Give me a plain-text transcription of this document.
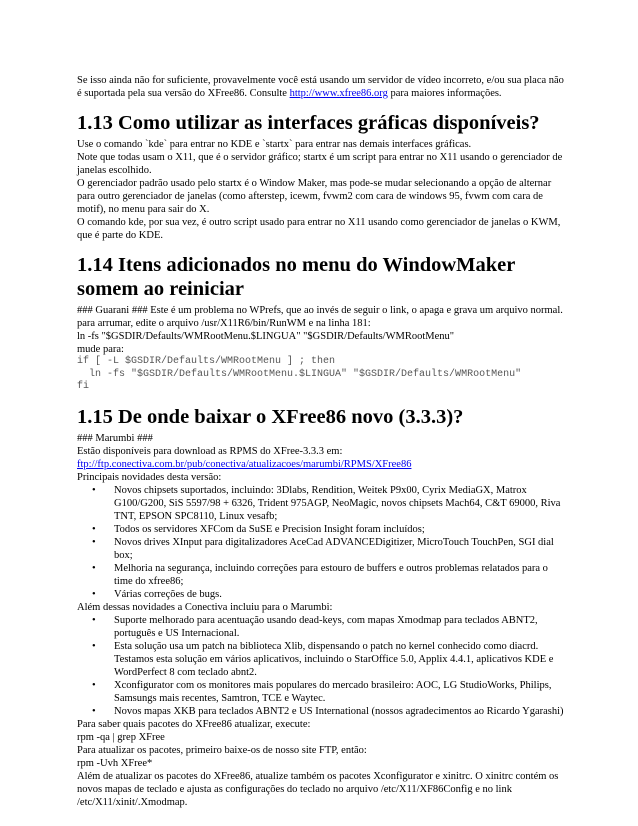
Se isso ainda não for suficiente, provavelmente você está usando um servidor de vídeo incorreto, e/ou sua placa não é suportada pela sua versão do XFree86. Consulte http://www.xfree86.org para maiores informações.

1.13 Como utilizar as interfaces gráficas disponíveis?

Use o comando `kde` para entrar no KDE e `startx` para entrar nas demais interfaces gráficas.

Note que todas usam o X11, que é o servidor gráfico; startx é um script para entrar no X11 usando o gerenciador de janelas escolhido.

O gerenciador padrão usado pelo startx é o Window Maker, mas pode-se mudar selecionando a opção de alternar para outro gerenciador de janelas (como afterstep, icewm, fvwm2 com cara de windows 95, fvwm com cara de motif), no menu para sair do X.

O comando kde, por sua vez, é outro script usado para entrar no X11 usando como gerenciador de janelas o KWM, que é parte do KDE.

1.14 Itens adicionados no menu do WindowMaker somem ao reiniciar

### Guarani ### Este é um problema no WPrefs, que ao invés de seguir o link, o apaga e grava um arquivo normal.

para arrumar, edite o arquivo /usr/X11R6/bin/RunWM e na linha 181:

ln -fs "$GSDIR/Defaults/WMRootMenu.$LINGUA" "$GSDIR/Defaults/WMRootMenu"

mude para:

if [ -L $GSDIR/Defaults/WMRootMenu ] ; then

ln -fs "$GSDIR/Defaults/WMRootMenu.$LINGUA" "$GSDIR/Defaults/WMRootMenu"

fi

1.15 De onde baixar o XFree86 novo (3.3.3)?

### Marumbi ###

Estão disponíveis para download as RPMS do XFree-3.3.3 em:

ftp://ftp.conectiva.com.br/pub/conectiva/atualizacoes/marumbi/RPMS/XFree86

Principais novidades desta versão:

• Novos chipsets suportados, incluindo: 3Dlabs, Rendition, Weitek P9x00, Cyrix MediaGX, Matrox G100/G200, SiS 5597/98 + 6326, Trident 975AGP, NeoMagic, novos chipsets Mach64, C&T 69000, Riva TNT, EPSON SPC8110, Linux vesafb;
• Todos os servidores XFCom da SuSE e Precision Insight foram incluídos;
• Novos drives XInput para digitalizadores AceCad ADVANCEDigitizer, MicroTouch TouchPen, SGI dial box;
• Melhoria na segurança, incluindo correções para estouro de buffers e outros problemas relatados para o time do xfree86;
• Várias correções de bugs.

Além dessas novidades a Conectiva incluiu para o Marumbi:

• Suporte melhorado para acentuação usando dead-keys, com mapas Xmodmap para teclados ABNT2, português e US Internacional.
• Esta solução usa um patch na biblioteca Xlib, dispensando o patch no kernel conhecido como diacrd. Testamos esta solução em vários aplicativos, incluindo o StarOffice 5.0, Applix 4.4.1, aplicativos KDE e WordPerfect 8 com teclado abnt2.
• Xconfigurator com os monitores mais populares do mercado brasileiro: AOC, LG StudioWorks, Philips, Samsungs mais recentes, Samtron, TCE e Waytec.
• Novos mapas XKB para teclados ABNT2 e US International (nossos agradecimentos ao Ricardo Ygarashi)

Para saber quais pacotes do XFree86 atualizar, execute:

rpm -qa | grep XFree

Para atualizar os pacotes, primeiro baixe-os de nosso site FTP, então:

rpm -Uvh XFree*

Além de atualizar os pacotes do XFree86, atualize também os pacotes Xconfigurator e xinitrc. O xinitrc contém os novos mapas de teclado e ajusta as configurações do teclado no arquivo /etc/X11/XF86Config e no link /etc/X11/xinit/.Xmodmap.
